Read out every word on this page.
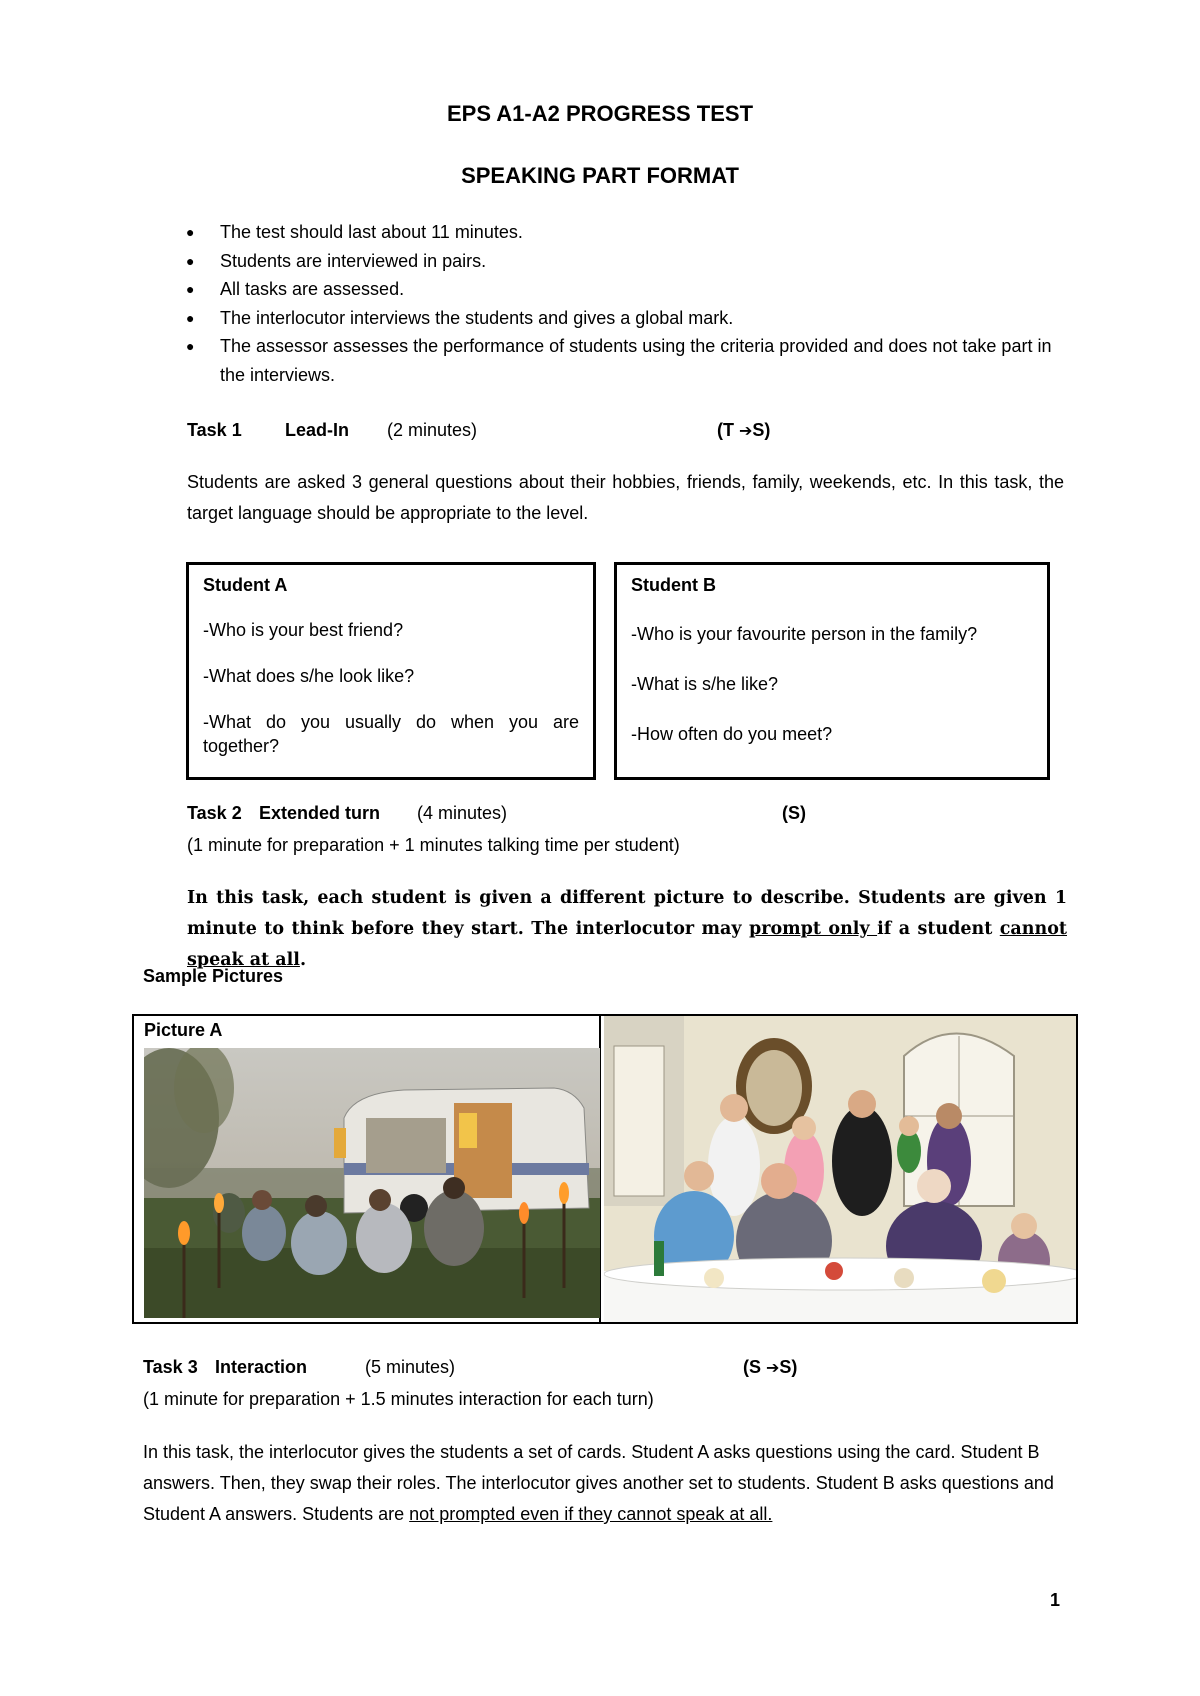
EPS A1-A2 PROGRESS TEST
SPEAKING PART FORMAT
●	The test should last about 11 minutes.
●	Students are interviewed in pairs.
●	All tasks are assessed.
●	The interlocutor interviews the students and gives a global mark.
●	The assessor assesses the performance of students using the criteria provided and does not take part in the interviews.
Task 1 Lead-In (2 minutes)	(T ➔S)
Students are asked 3 general questions about their hobbies, friends, family, weekends, etc. In this task, the target language should be appropriate to the level.
Student A
-Who is your best friend?
-What does s/he look like?
-What do you usually do when you are together?
Student B
-Who is your favourite person in the family?
-What is s/he like?
-How often do you meet?
Task 2 Extended turn (4 minutes)	(S)
(1 minute for preparation + 1 minutes talking time per student)
In this task, each student is given a different picture to describe. Students are given 1 minute to think before they start. The interlocutor may prompt only if a student cannot speak at all.
Sample Pictures
Picture A
Task 3 Interaction	(5 minutes)	(S ➔S)
(1 minute for preparation + 1.5 minutes interaction for each turn)
In this task, the interlocutor gives the students a set of cards. Student A asks questions using the card. Student B answers. Then, they swap their roles. The interlocutor gives another set to students. Student B asks questions and Student A answers. Students are not prompted even if they cannot speak at all.
1
